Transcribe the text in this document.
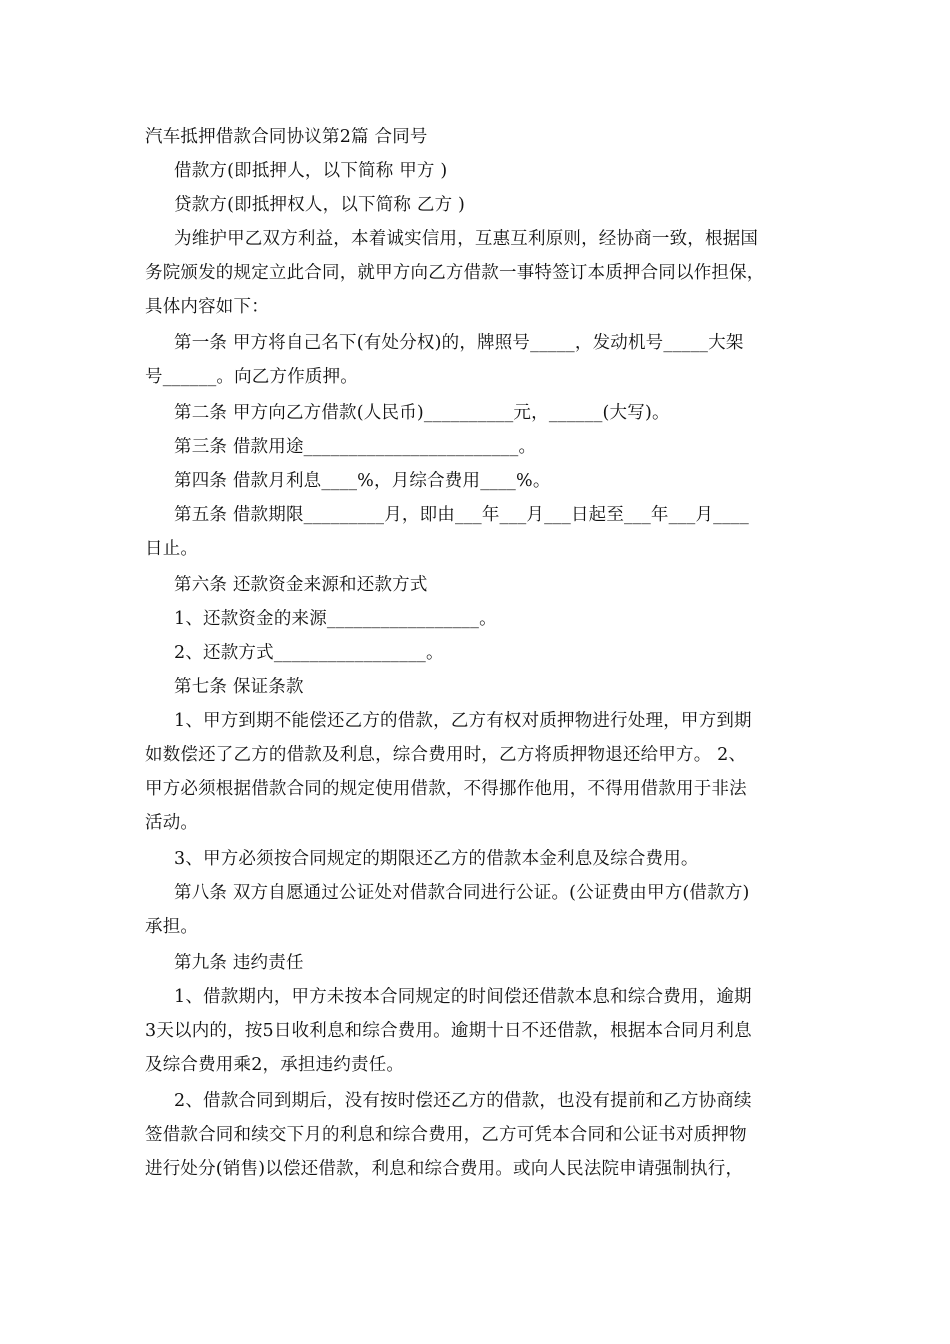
汽车抵押借款合同协议第2篇 合同号
借款方(即抵押人，以下简称 甲方 )
贷款方(即抵押权人，以下简称 乙方 )
为维护甲乙双方利益，本着诚实信用，互惠互利原则，经协商一致，根据国
务院颁发的规定立此合同，就甲方向乙方借款一事特签订本质押合同以作担保，
具体内容如下：
第一条 甲方将自己名下(有处分权)的，牌照号_____，发动机号_____大架
号______。向乙方作质押。
第二条 甲方向乙方借款(人民币)__________元，______(大写)。
第三条 借款用途________________________。
第四条 借款月利息____%，月综合费用____%。
第五条 借款期限_________月，即由___年___月___日起至___年___月____
日止。
第六条 还款资金来源和还款方式
1、还款资金的来源_________________。
2、还款方式_________________。
第七条 保证条款
1、甲方到期不能偿还乙方的借款，乙方有权对质押物进行处理，甲方到期
如数偿还了乙方的借款及利息，综合费用时，乙方将质押物退还给甲方。 2、
甲方必须根据借款合同的规定使用借款，不得挪作他用，不得用借款用于非法
活动。
3、甲方必须按合同规定的期限还乙方的借款本金利息及综合费用。
第八条 双方自愿通过公证处对借款合同进行公证。(公证费由甲方(借款方)
承担。
第九条 违约责任
1、借款期内，甲方未按本合同规定的时间偿还借款本息和综合费用，逾期
3天以内的，按5日收利息和综合费用。逾期十日不还借款，根据本合同月利息
及综合费用乘2，承担违约责任。
2、借款合同到期后，没有按时偿还乙方的借款，也没有提前和乙方协商续
签借款合同和续交下月的利息和综合费用，乙方可凭本合同和公证书对质押物
进行处分(销售)以偿还借款，利息和综合费用。或向人民法院申请强制执行，
